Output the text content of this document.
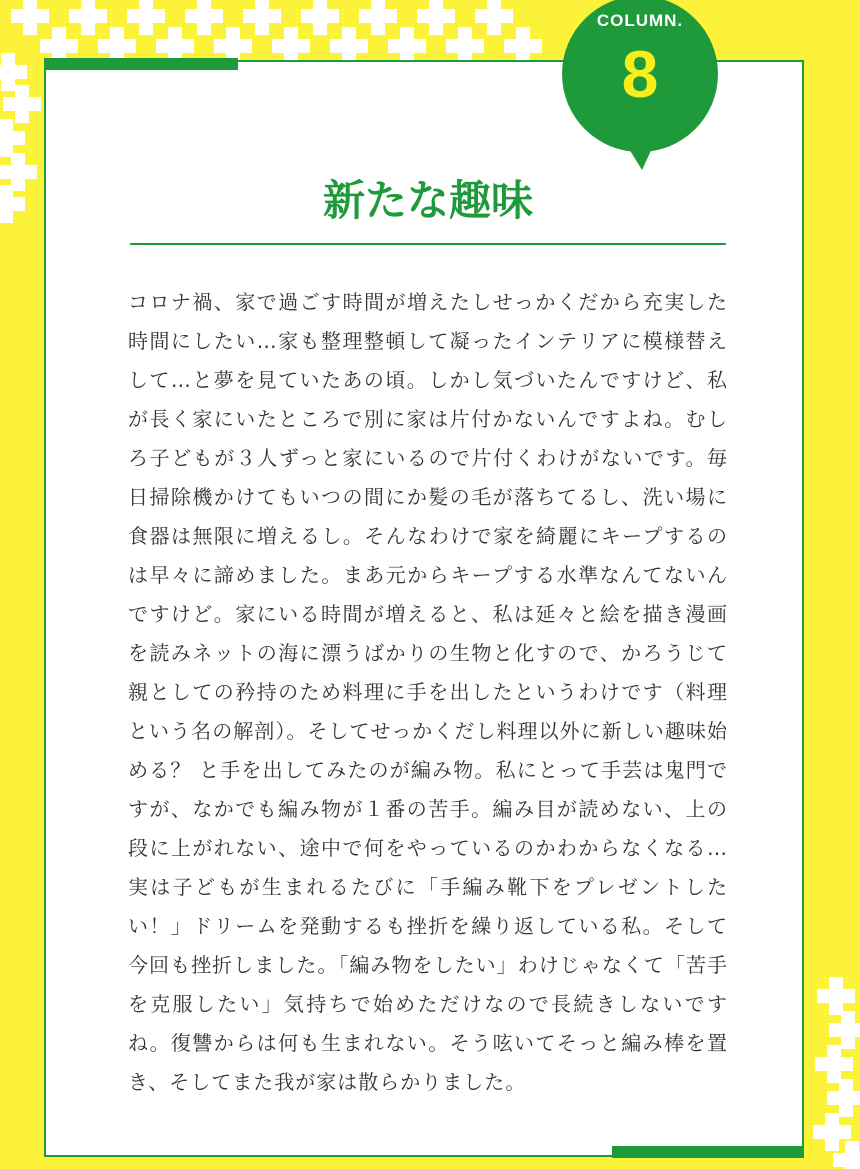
COLUMN.
8
新たな趣味
コロナ禍、家で過ごす時間が増えたしせっかくだから充実した時間にしたい…家も整理整頓して凝ったインテリアに模様替えして…と夢を見ていたあの頃。しかし気づいたんですけど、私が長く家にいたところで別に家は片付かないんですよね。むしろ子どもが３人ずっと家にいるので片付くわけがないです。毎日掃除機かけてもいつの間にか髪の毛が落ちてるし、洗い場に食器は無限に増えるし。そんなわけで家を綺麗にキープするのは早々に諦めました。まあ元からキープする水準なんてないんですけど。家にいる時間が増えると、私は延々と絵を描き漫画を読みネットの海に漂うばかりの生物と化すので、かろうじて親としての矜持のため料理に手を出したというわけです（料理という名の解剖）。そしてせっかくだし料理以外に新しい趣味始める？ と手を出してみたのが編み物。私にとって手芸は鬼門ですが、なかでも編み物が１番の苦手。編み目が読めない、上の段に上がれない、途中で何をやっているのかわからなくなる…実は子どもが生まれるたびに「手編み靴下をプレゼントしたい！」ドリームを発動するも挫折を繰り返している私。そして今回も挫折しました。「編み物をしたい」わけじゃなくて「苦手を克服したい」気持ちで始めただけなので長続きしないですね。復讐からは何も生まれない。そう呟いてそっと編み棒を置き、そしてまた我が家は散らかりました。
